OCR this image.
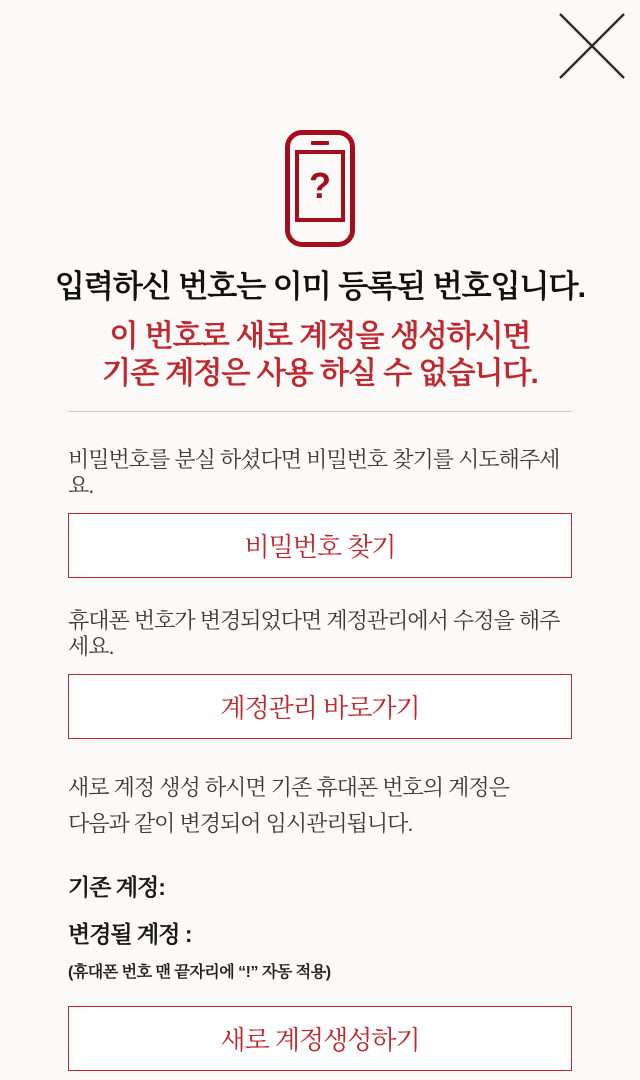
?
입력하신 번호는 이미 등록된 번호입니다.
이 번호로 새로 계정을 생성하시면
기존 계정은 사용 하실 수 없습니다.

비밀번호를 분실 하셨다면 비밀번호 찾기를 시도해주세요.

비밀번호 찾기

휴대폰 번호가 변경되었다면 계정관리에서 수정을 해주세요.

계정관리 바로가기
새로 계정 생성 하시면 기존 휴대폰 번호의 계정은
다음과 같이 변경되어 임시관리됩니다.
기존 계정:
변경될 계정 :
(휴대폰 번호 맨 끝자리에 “!” 자동 적용)
새로 계정생성하기
